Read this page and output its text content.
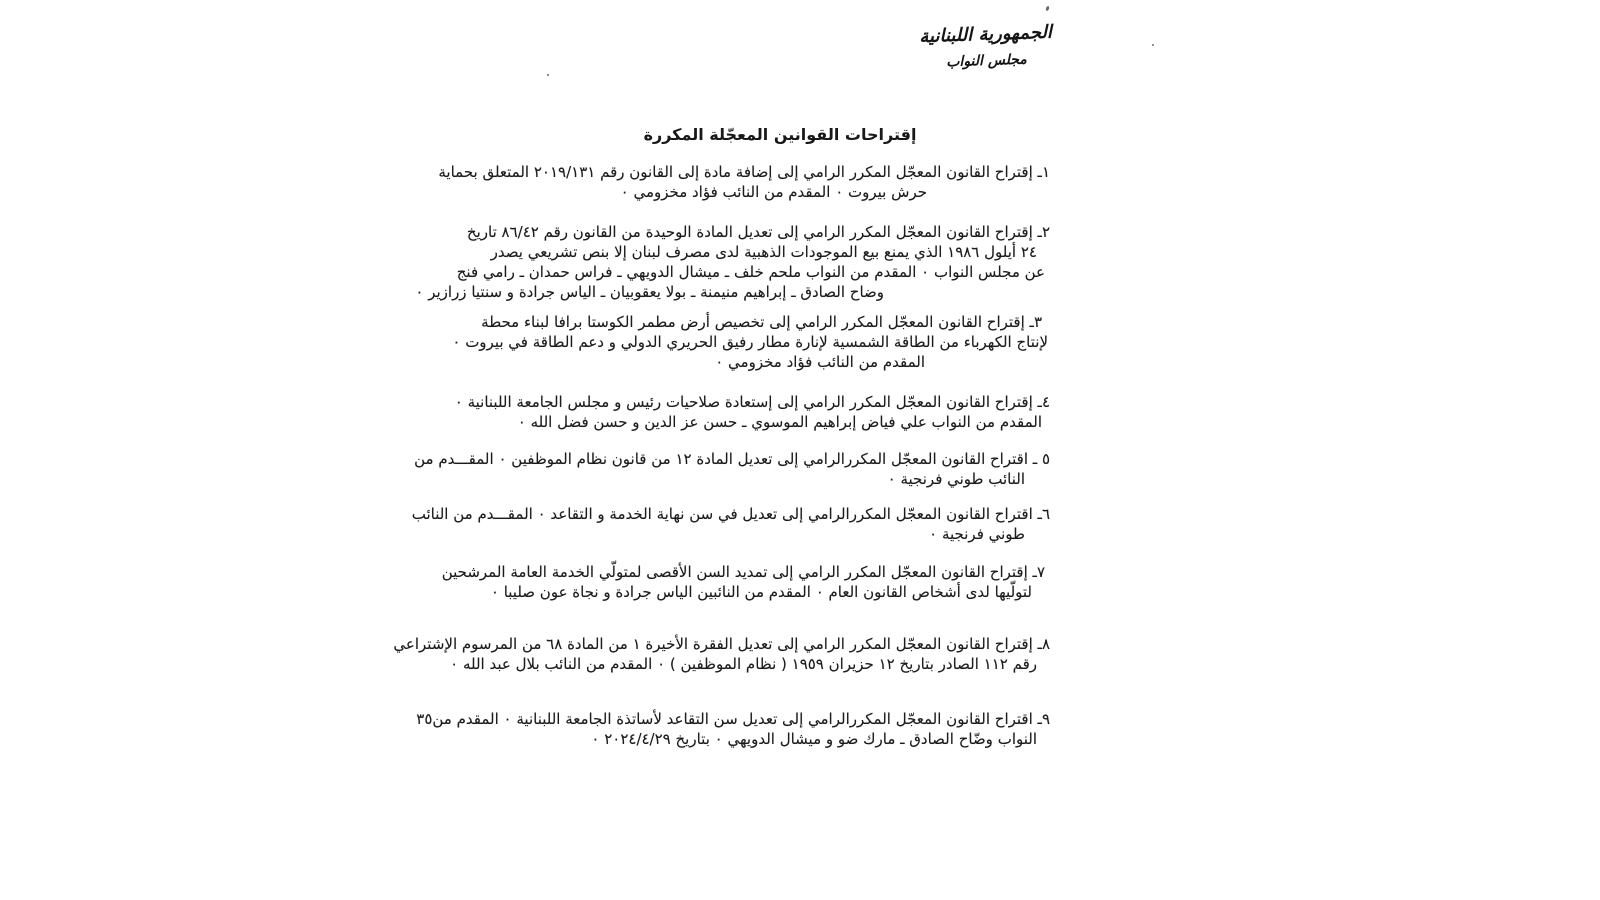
الجمهورية اللبنانية
مجلس النواب
إقتراحات القوانين المعجّلة المكررة
١ـ إقتراح القانون المعجّل المكرر الرامي إلى إضافة مادة إلى القانون رقم ٢٠١٩/١٣١ المتعلق بحماية
حرش بيروت ٠ المقدم من النائب فؤاد مخزومي ٠
٢ـ إقتراح القانون المعجّل المكرر الرامي إلى تعديل المادة الوحيدة من القانون رقم ٨٦/٤٢ تاريخ
٢٤ أيلول ١٩٨٦ الذي يمنع بيع الموجودات الذهبية لدى مصرف لبنان إلا بنص تشريعي يصدر
عن مجلس النواب ٠ المقدم من النواب ملحم خلف ـ ميشال الدويهي ـ فراس حمدان ـ رامي فنج
وضاح الصادق ـ إبراهيم منيمنة ـ بولا يعقوبيان ـ الياس جرادة و سنتيا زرازير ٠
٣ـ إقتراح القانون المعجّل المكرر الرامي إلى تخصيص أرض مطمر الكوستا برافا لبناء محطة
لإنتاج الكهرباء من الطاقة الشمسية لإنارة مطار رفيق الحريري الدولي و دعم الطاقة في بيروت ٠
المقدم من النائب فؤاد مخزومي ٠
٤ـ إقتراح القانون المعجّل المكرر الرامي إلى إستعادة صلاحيات رئيس و مجلس الجامعة اللبنانية ٠
المقدم من النواب علي فياض إبراهيم الموسوي ـ حسن عز الدين و حسن فضل الله ٠
٥ ـ اقتراح القانون المعجّل المكررالرامي إلى تعديل المادة ١٢ من قانون نظام الموظفين ٠ المقـــدم من
النائب طوني فرنجية ٠
٦ـ اقتراح القانون المعجّل المكررالرامي إلى تعديل في سن نهاية الخدمة و التقاعد ٠ المقـــدم من النائب
طوني فرنجية ٠
٧ـ إقتراح القانون المعجّل المكرر الرامي إلى تمديد السن الأقصى لمتولّي الخدمة العامة المرشحين
لتولّيها لدى أشخاص القانون العام ٠ المقدم من النائبين الياس جرادة و نجاة عون صليبا ٠
٨ـ إقتراح القانون المعجّل المكرر الرامي إلى تعديل الفقرة الأخيرة ١ من المادة ٦٨ من المرسوم الإشتراعي
رقم ١١٢ الصادر بتاريخ ١٢ حزيران ١٩٥٩ ( نظام الموظفين ) ٠ المقدم من النائب بلال عبد الله ٠
٩ـ اقتراح القانون المعجّل المكررالرامي إلى تعديل سن التقاعد لأساتذة الجامعة اللبنانية ٠ المقدم من٣٥
النواب وضّاح الصادق ـ مارك ضو و ميشال الدويهي ٠ بتاريخ ٢٠٢٤/٤/٢٩ ٠
